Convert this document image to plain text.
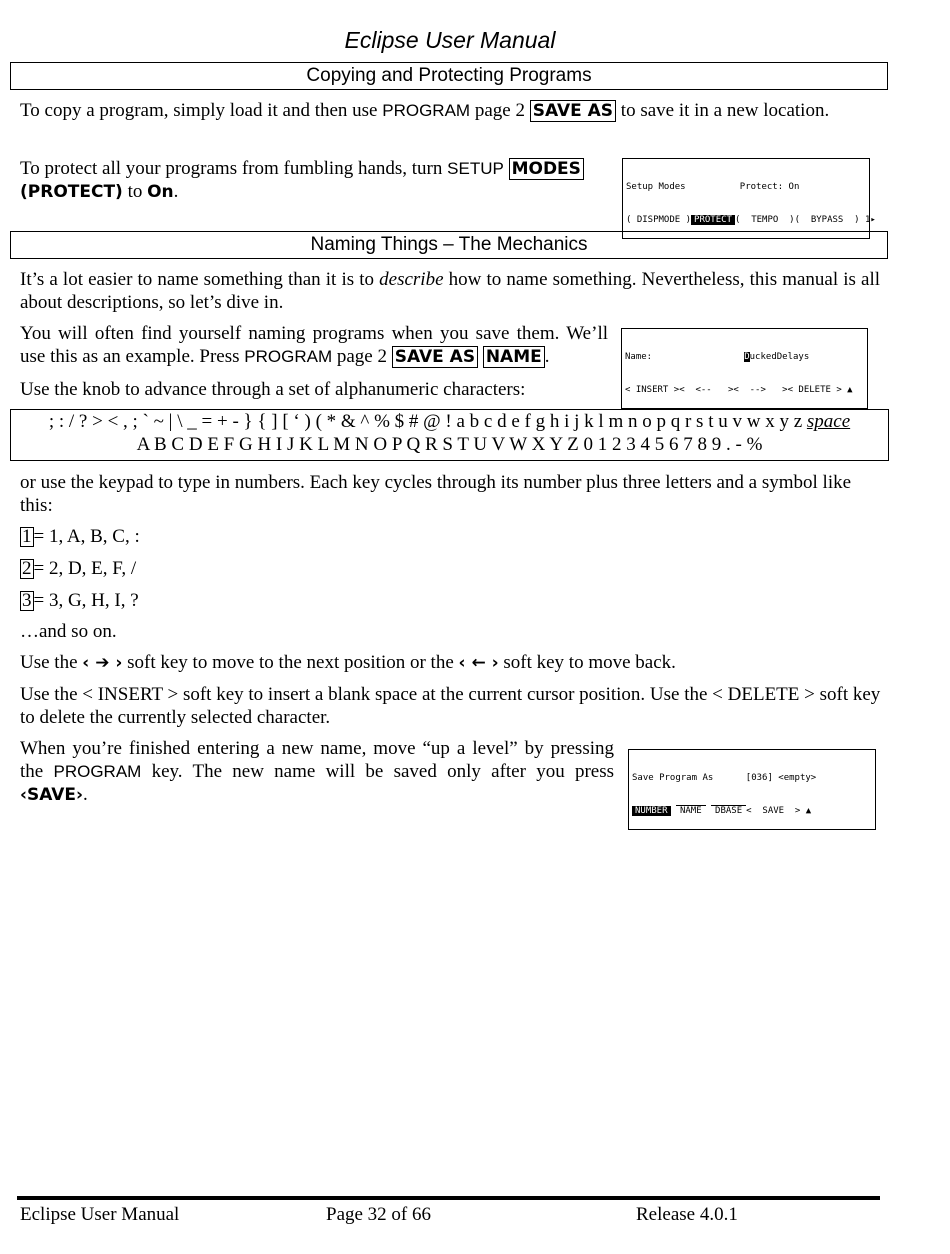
Eclipse User Manual
Copying and Protecting Programs
To copy a program, simply load it and then use PROGRAM page 2 SAVE AS to save it in a new location.
To protect all your programs from fumbling hands, turn SETUP MODES
(PROTECT) to On.

	Setup Modes          Protect: On

( DISPMODE ) PROTECT (  TEMPO  )(  BYPASS  ) 1▸

Naming Things – The Mechanics
It’s a lot easier to name something than it is to describe how to name something. Nevertheless, this manual is all about descriptions, so let’s dive in.
You will often find yourself naming programs when you save them. We’ll use this as an example. Press PROGRAM page 2 SAVE AS NAME .

	Name:	DuckedDelays

< INSERT ><  <--   ><  -->   >< DELETE > ▲

Use the knob to advance through a set of alphanumeric characters:
; : / ? > < , ; ` ~ | \ _ = + - } { ] [ ‘ ) ( * & ^ % $ # @ ! a b c d e f g h i j k l m n o p q r s t u v w x y z space
A B C D E F G H I J K L M N O P Q R S T U V W X Y Z 0 1 2 3 4 5 6 7 8 9 . - %
or use the keypad to type in numbers. Each key cycles through its number plus three letters and a symbol like this:
1 = 1, A, B, C, :
2 = 2, D, E, F, /
3 = 3, G, H, I, ?
…and so on.
Use the ‹ ➔ › soft key to move to the next position or the ‹ ← › soft key to move back.
Use the < INSERT > soft key to insert a blank space at the current cursor position. Use the < DELETE > soft key to delete the currently selected character.
When you’re finished entering a new name, move “up a level” by pressing the PROGRAM key. The new name will be saved only after you press ‹SAVE›.

Save Program As      [036] <empty>

NUMBER NAME DBASE <  SAVE  > ▲

Eclipse User Manual	Page 32 of 66	Release 4.0.1
